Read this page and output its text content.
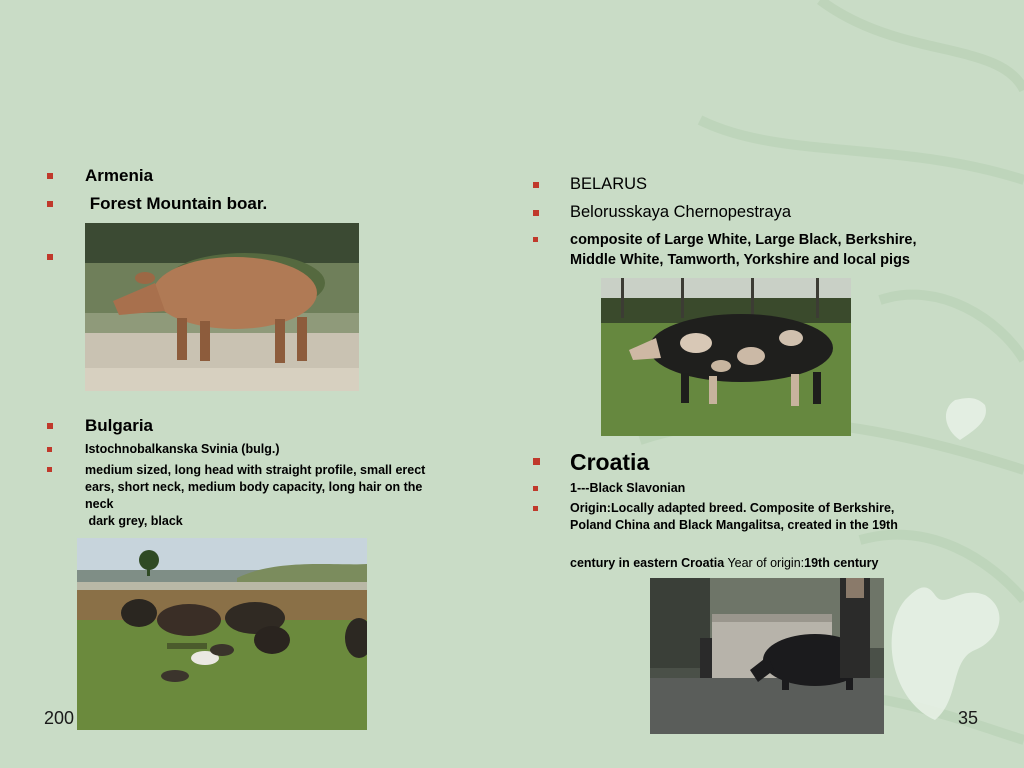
Armenia

Forest Mountain boar.

Bulgaria

Istochnobalkanska Svinia (bulg.)

medium sized, long head with straight profile, small erect
ears, short neck, medium body capacity, long hair on the
neck
dark grey, black

BELARUS

Belorusskaya Chernopestraya

composite of Large White, Large Black, Berkshire,
Middle White, Tamworth, Yorkshire and local pigs

Croatia

1---Black Slavonian

Origin:Locally adapted breed. Composite of Berkshire,
Poland China and Black Mangalitsa, created in the 19th
century in eastern Croatia Year of origin:19th century

200	35
